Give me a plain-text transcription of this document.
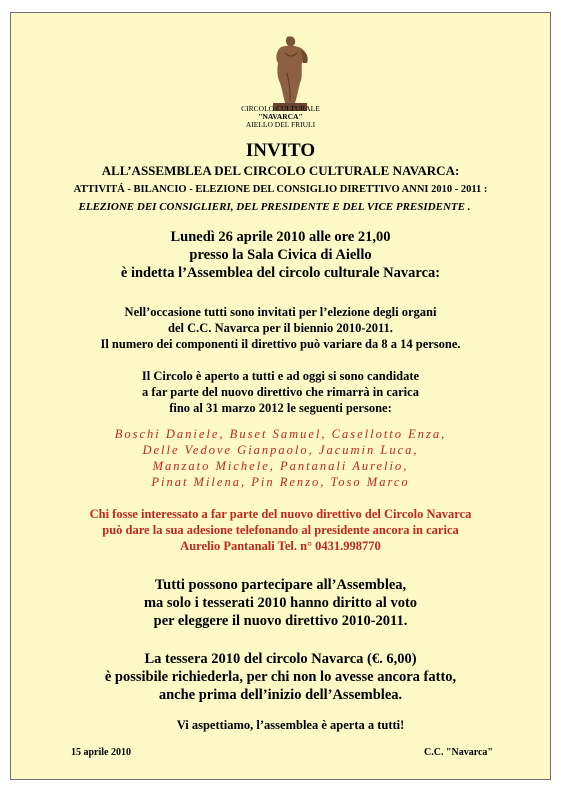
CIRCOLO CULTURALE
"NAVARCA"
AIELLO DEL FRIULI
INVITO
ALL’ASSEMBLEA DEL CIRCOLO CULTURALE NAVARCA:
ATTIVITÁ - BILANCIO - ELEZIONE DEL CONSIGLIO DIRETTIVO ANNI 2010 - 2011 :
ELEZIONE DEI CONSIGLIERI, DEL PRESIDENTE E DEL VICE PRESIDENTE .
Lunedì 26 aprile 2010 alle ore 21,00
presso la Sala Civica di Aiello
è indetta l’Assemblea del circolo culturale Navarca:
Nell’occasione tutti sono invitati per l’elezione degli organi
del C.C. Navarca per il biennio 2010-2011.
Il numero dei componenti il direttivo può variare da 8 a 14 persone.
Il Circolo è aperto a tutti e ad oggi si sono candidate
a far parte del nuovo direttivo che rimarrà in carica
fino al 31 marzo 2012 le seguenti persone:
Boschi Daniele, Buset Samuel, Casellotto Enza,
Delle Vedove Gianpaolo, Jacumin Luca,
Manzato Michele, Pantanali Aurelio,
Pinat Milena, Pin Renzo, Toso Marco
Chi fosse interessato a far parte del nuovo direttivo del Circolo Navarca
può dare la sua adesione telefonando al presidente ancora in carica
Aurelio Pantanali Tel. n° 0431.998770
Tutti possono partecipare all’Assemblea,
ma solo i tesserati 2010 hanno diritto al voto
per eleggere il nuovo direttivo 2010-2011.
La tessera 2010 del circolo Navarca (€. 6,00)
è possibile richiederla, per chi non lo avesse ancora fatto,
anche prima dell’inizio dell’Assemblea.
Vi aspettiamo, l’assemblea è aperta a tutti!
15 aprile 2010	C.C. "Navarca"
